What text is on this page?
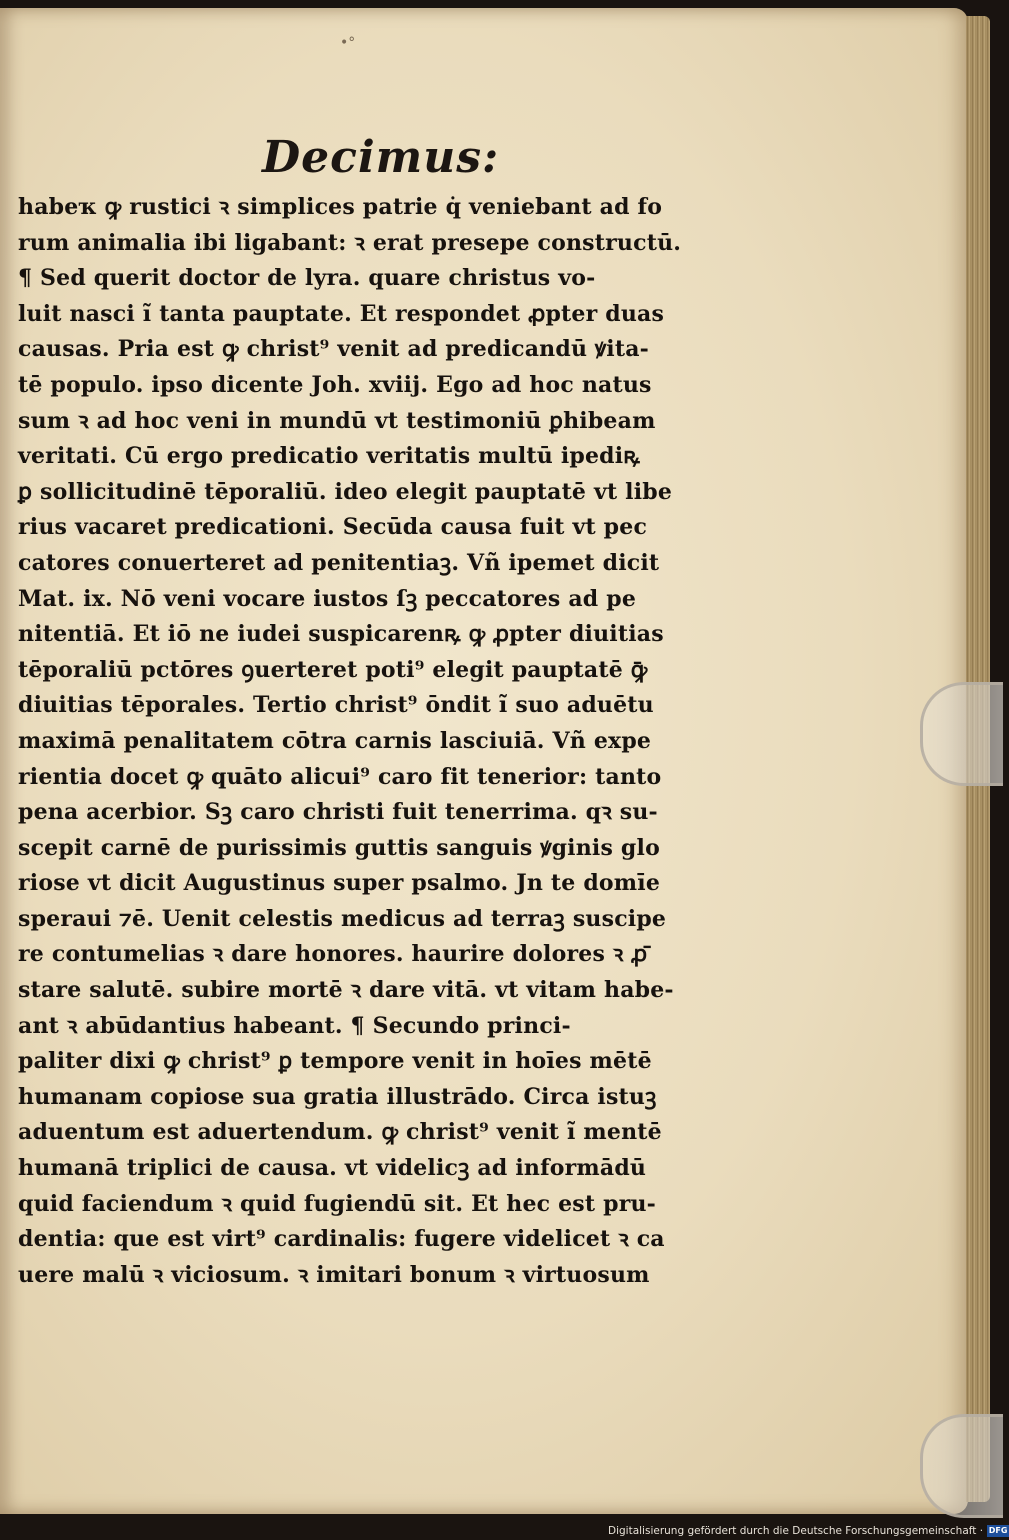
•°
Decimus:
habeҡ ꝙ rustici ꝛ simplices patrie q̇ veniebant ad fo
rum animalia ibi ligabant: ꝛ erat presepe constructū.
¶ Sed querit doctor de lyra. quare christus vo-
luit nasci ĩ tanta pauptate. Et respondet ꝓpter duas
causas. Pria est ꝙ christ⁹ venit ad predicandū ꝟita-
tē populo. ipso dicente Joh. xviij. Ego ad hoc natus
sum ꝛ ad hoc veni in mundū vt testimoniū ꝑhibeam
veritati. Cū ergo predicatio veritatis multū ipediꝶ
ꝑ sollicitudinē tēporaliū. ideo elegit pauptatē vt libe
rius vacaret predicationi. Secūda causa fuit vt pec
catores conuerteret ad penitentiaꝫ. Vñ ipemet dicit
Mat. ix. Nō veni vocare iustos ſꝫ peccatores ad pe
nitentiā. Et iō ne iudei suspicarenꝶ ꝙ ꝓpter diuitias
tēporaliū pctōres ꝯuerteret poti⁹ elegit pauptatē ꝙ̄
diuitias tēporales. Tertio christ⁹ ōndit ĩ suo aduētu
maximā penalitatem cōtra carnis lasciuiā. Vñ expe
rientia docet ꝙ quāto alicui⁹ caro fit tenerior: tanto
pena acerbior. Sꝫ caro christi fuit tenerrima. qꝛ su-
scepit carnē de purissimis guttis sanguis ꝟginis glo
riose vt dicit Augustinus super psalmo. Jn te domīe
speraui ⁊ē. Uenit celestis medicus ad terraꝫ suscipe
re contumelias ꝛ dare honores. haurire dolores ꝛ ꝓ̄
stare salutē. subire mortē ꝛ dare vitā. vt vitam habe-
ant ꝛ abūdantius habeant. ¶ Secundo princi-
paliter dixi ꝙ christ⁹ ꝑ tempore venit in hoīes mētē
humanam copiose sua gratia illustrādo. Circa istuꝫ
aduentum est aduertendum. ꝙ christ⁹ venit ĩ mentē
humanā triplici de causa. vt videlicꝫ ad informādū
quid faciendum ꝛ quid fugiendū sit. Et hec est pru-
dentia: que est virt⁹ cardinalis: fugere videlicet ꝛ ca
uere malū ꝛ viciosum. ꝛ imitari bonum ꝛ virtuosum
Digitalisierung gefördert durch die Deutsche Forschungsgemeinschaft · DFG
